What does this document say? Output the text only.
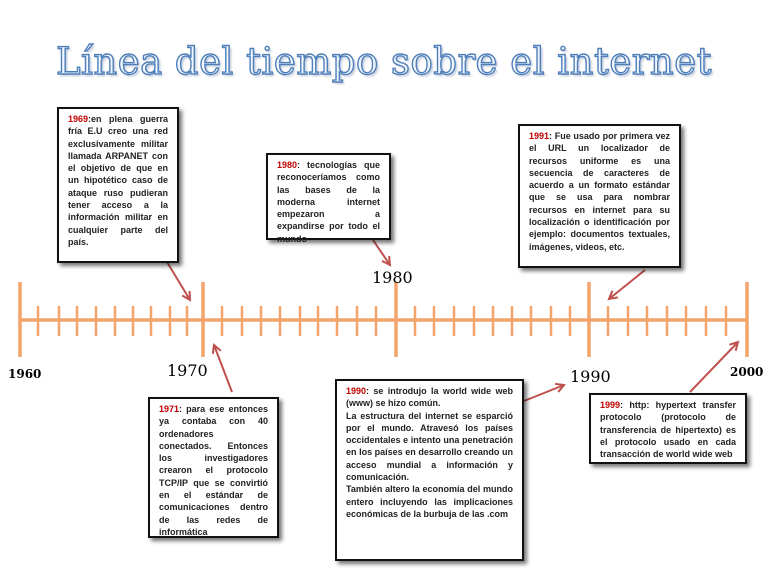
Línea del tiempo sobre el internet
1960	1970
1980
1990	2000

1969:en plena guerra fría E.U creo una red exclusivamente militar llamada ARPANET con el objetivo de que en un hipotético caso de ataque ruso pudieran tener acceso a la información militar en cualquier parte del país.

1980: tecnologías que reconoceríamos como las bases de la moderna internet empezaron a expandirse por todo el mundo

1991: Fue usado por primera vez el URL un localizador de recursos uniforme es una secuencia de caracteres de acuerdo a un formato estándar que se usa para nombrar recursos en internet para su localización o identificación por ejemplo: documentos textuales, imágenes, videos, etc.

1971: para ese entonces ya contaba con 40 ordenadores conectados. Entonces los investigadores crearon el protocolo TCP/IP que se convirtió en el estándar de comunicaciones dentro de las redes de informática

1990: se introdujo la world wide web (www) se hizo común.

La estructura del internet se esparció por el mundo. Atravesó los países occidentales e intento una penetración en los países en desarrollo creando un acceso mundial a información y comunicación.

También altero la economía del mundo entero incluyendo las implicaciones económicas de la burbuja de las .com

1999: http: hypertext transfer protocolo (protocolo de transferencia de hipertexto) es el protocolo usado en cada transacción de world wide web
